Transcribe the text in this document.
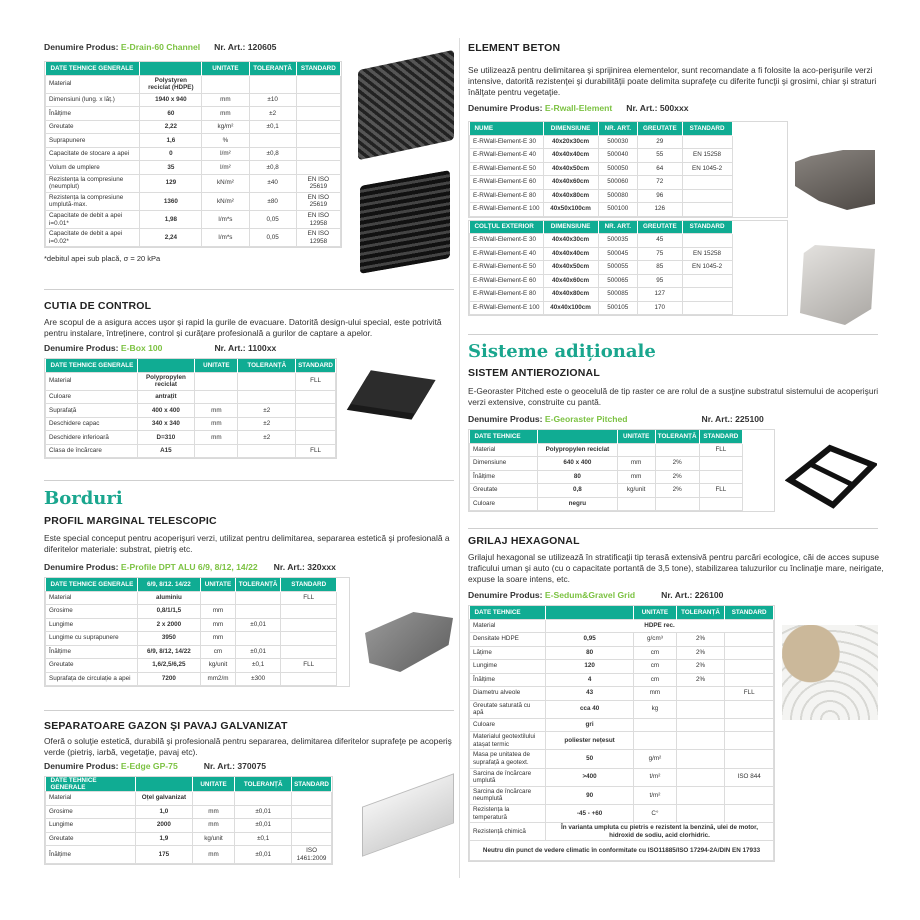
Denumire Produs: E-Drain-60 Channel Nr. Art.: 120605
DATE TEHNICE GENERALE		UNITATE	TOLERANȚĂ	STANDARD
Material	Polystyren reciclat (HDPE)			
Dimensiuni (lung. x lăț.)	1940 x 940	mm	±10	
Înălțime	60	mm	±2	
Greutate	2,22	kg/m²	±0,1	
Suprapunere	1,6	%		
Capacitate de stocare a apei	0	l/m²	±0,8	
Volum de umplere	35	l/m²	±0,8	
Rezistența la compresiune (neumplut)	129	kN/m²	±40	EN ISO 25619
Rezistența la compresiune umplută-max.	1360	kN/m²	±80	EN ISO 25619
Capacitate de debit a apei i=0.01*	1,98	l/m*s	0,05	EN ISO 12958
Capacitate de debit a apei i=0.02*	2,24	l/m*s	0,05	EN ISO 12958
*debitul apei sub placă, σ = 20 kPa
CUTIA DE CONTROL
Are scopul de a asigura acces ușor și rapid la gurile de evacuare. Datorită design-ului special, este potrivită pentru instalare, întreținere, control și curățare profesională a gurilor de captare a apelor.
Denumire Produs: E-Box 100	Nr. Art.: 1100xx
DATE TEHNICE GENERALE		UNITATE	TOLERANȚĂ	STANDARD
Material	Polypropylen reciclat			FLL
Culoare	antrațit			
Suprafață	400 x 400	mm	±2	
Deschidere capac	340 x 340	mm	±2	
Deschidere inferioară	D=310	mm	±2	
Clasa de încărcare	A15			FLL
Borduri
PROFIL MARGINAL TELESCOPIC
Este special conceput pentru acoperişuri verzi, utilizat pentru delimitarea, separarea estetică şi profesională a diferitelor materiale: substrat, pietriş etc.
Denumire Produs: E-Profile DPT ALU 6/9, 8/12, 14/22 Nr. Art.: 320xxx
DATE TEHNICE GENERALE	6/9, 8/12. 14/22	UNITATE	TOLERANȚĂ	STANDARD
Material	aluminiu			FLL
Grosime	0,8/1/1,5	mm		
Lungime	2 x 2000	mm	±0,01	
Lungime cu suprapunere	3950	mm		
Înălțime	6/9, 8/12, 14/22	cm	±0,01	
Greutate	1,6/2,5/6,25	kg/unit	±0,1	FLL
Suprafața de circulație a apei	7200	mm2/m	±300	
SEPARATOARE GAZON ŞI PAVAJ GALVANIZAT
Oferă o soluţie estetică, durabilă şi profesională pentru separarea, delimitarea diferitelor suprafeţe pe acoperiş verde (pietriş, iarbă, vegetaţie, pavaj etc).
Denumire Produs: E-Edge GP-75	Nr. Art.: 370075
DATE TEHNICE GENERALE		UNITATE	TOLERANȚĂ	STANDARD
Material	Oțel galvanizat			
Grosime	1,0	mm	±0,01	
Lungime	2000	mm	±0,01	
Greutate	1,9	kg/unit	±0,1	
Înălțime	175	mm	±0,01	ISO 1461:2009
ELEMENT BETON
Se utilizează pentru delimitarea şi sprijinirea elementelor, sunt recomandate a fi folosite la aco-perişurile verzi intensive, datorită rezistenţei şi durabilităţii poate delimita suprafeţe cu diferite funcţii şi grosimi, chiar şi straturi înălţate pentru vegetaţie.
Denumire Produs: E-Rwall-Element Nr. Art.: 500xxx
NUME	DIMENSIUNE	NR. ART.	GREUTATE	STANDARD
E-RWall-Element-E 30	40x20x30cm	500030	29	
E-RWall-Element-E 40	40x40x40cm	500040	55	EN 15258
E-RWall-Element-E 50	40x40x50cm	500050	64	EN 1045-2
E-RWall-Element-E 60	40x40x60cm	500060	72	
E-RWall-Element-E 80	40x40x80cm	500080	96	
E-RWall-Element-E 100	40x50x100cm	500100	126	
COLŢUL EXTERIOR	DIMENSIUNE	NR. ART.	GREUTATE	STANDARD
E-RWall-Element-E 30	40x40x30cm	500035	45	
E-RWall-Element-E 40	40x40x40cm	500045	75	EN 15258
E-RWall-Element-E 50	40x40x50cm	500055	85	EN 1045-2
E-RWall-Element-E 60	40x40x60cm	500065	95	
E-RWall-Element-E 80	40x40x80cm	500085	127	
E-RWall-Element-E 100	40x40x100cm	500105	170	
Sisteme adiționale
SISTEM ANTIEROZIONAL
E-Georaster Pitched este o geocelulă de tip raster ce are rolul de a susţine substratul sistemului de acoperişuri verzi extensive, construite cu pantă.
Denumire Produs: E-Georaster Pitched	Nr. Art.: 225100
DATE TEHNICE		UNITATE	TOLERANȚĂ	STANDARD
Material	Polypropylen reciclat			FLL
Dimensiune	640 x 400	mm	2%	
Înălțime	80	mm	2%	
Greutate	0,8	kg/unit	2%	FLL
Culoare	negru			
GRILAJ HEXAGONAL
Grilajul hexagonal se utilizează în stratificaţii tip terasă extensivă pentru parcări ecologice, căi de acces supuse traficului uman şi auto (cu o capacitate portantă de 3,5 tone), stabilizarea taluzurilor cu înclinaţie mare, neirigate, expuse la soare intens, etc.
Denumire Produs: E-Sedum&Gravel Grid	Nr. Art.: 226100
DATE TEHNICE		UNITATE	TOLERANȚĂ	STANDARD
Material	HDPE rec.			
Densitate HDPE	0,95	g/cm³	2%	
Lățime	80	cm	2%	
Lungime	120	cm	2%	
Înălțime	4	cm	2%	
Diametru alveole	43	mm		FLL
Greutate saturată cu apă	cca 40	kg		
Culoare	gri			
Materialul geotextilului atașat termic	poliester nețesut			
Masa pe unitatea de suprafață a geotext.	50	g/m²		
Sarcina de încărcare umplută	>400	t/m²		ISO 844
Sarcina de încărcare neumplută	90	t/m²		
Rezistența la temperatură	-45 - +60	C°		
Rezistență chimică	În varianta umpluta cu pietris e rezistent la benzină, ulei de motor, hidroxid de sodiu, acid clorhidric.			
Neutru din punct de vedere climatic în conformitate cu ISO11885/ISO 17294-2A/DIN EN 17933				
